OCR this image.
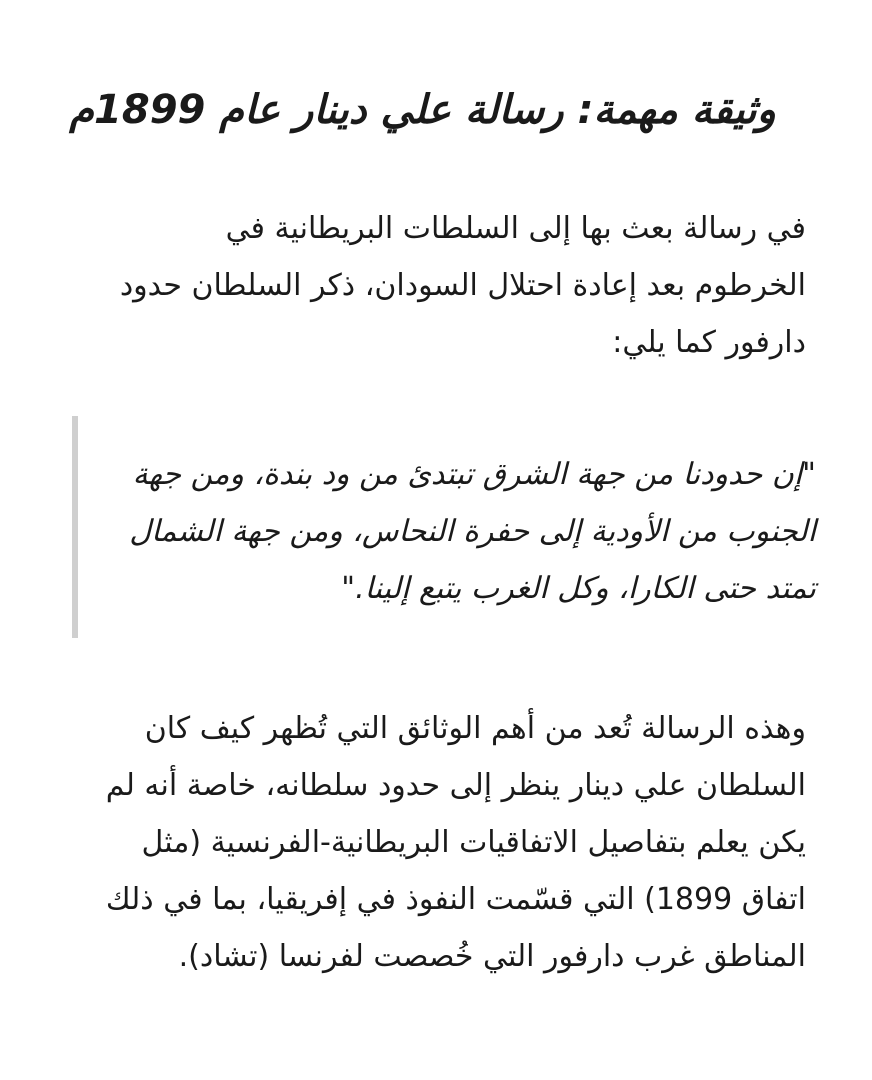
وثيقة مهمة: رسالة علي دينار عام 1899م

في رسالة بعث بها إلى السلطات البريطانية في الخرطوم بعد إعادة احتلال السودان، ذكر السلطان حدود دارفور كما يلي:

"إن حدودنا من جهة الشرق تبتدئ من ود بندة، ومن جهة الجنوب من الأودية إلى حفرة النحاس، ومن جهة الشمال تمتد حتى الكارا، وكل الغرب يتبع إلينا."

وهذه الرسالة تُعد من أهم الوثائق التي تُظهر كيف كان السلطان علي دينار ينظر إلى حدود سلطانه، خاصة أنه لم يكن يعلم بتفاصيل الاتفاقيات البريطانية-الفرنسية (مثل اتفاق 1899) التي قسّمت النفوذ في إفريقيا، بما في ذلك المناطق غرب دارفور التي خُصصت لفرنسا (تشاد).
